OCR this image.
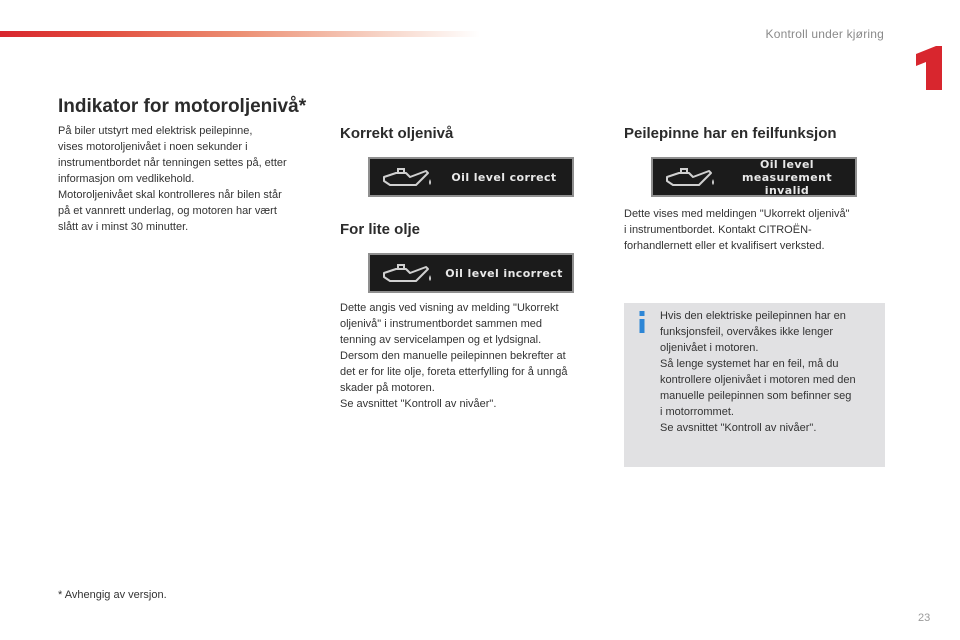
Kontroll under kjøring
Indikator for motoroljenivå*

På biler utstyrt med elektrisk peilepinne,

vises motoroljenivået i noen sekunder i

instrumentbordet når tenningen settes på, etter

informasjon om vedlikehold.

Motoroljenivået skal kontrolleres når bilen står

på et vannrett underlag, og motoren har vært

slått av i minst 30 minutter.

Korrekt oljenivå
Oil level correct
For lite olje
Oil level incorrect

Dette angis ved visning av melding "Ukorrekt

oljenivå" i instrumentbordet sammen med

tenning av servicelampen og et lydsignal.

Dersom den manuelle peilepinnen bekrefter at

det er for lite olje, foreta etterfylling for å unngå

skader på motoren.

Se avsnittet "Kontroll av nivåer".

Peilepinne har en feilfunksjon
Oil level
measurement invalid

Dette vises med meldingen "Ukorrekt oljenivå"

i instrumentbordet. Kontakt CITROËN-

forhandlernett eller et kvalifisert verksted.

Hvis den elektriske peilepinnen har en

funksjonsfeil, overvåkes ikke lenger

oljenivået i motoren.

Så lenge systemet har en feil, må du

kontrollere oljenivået i motoren med den

manuelle peilepinnen som befinner seg

i motorrommet.

Se avsnittet "Kontroll av nivåer".

* Avhengig av versjon.
23
